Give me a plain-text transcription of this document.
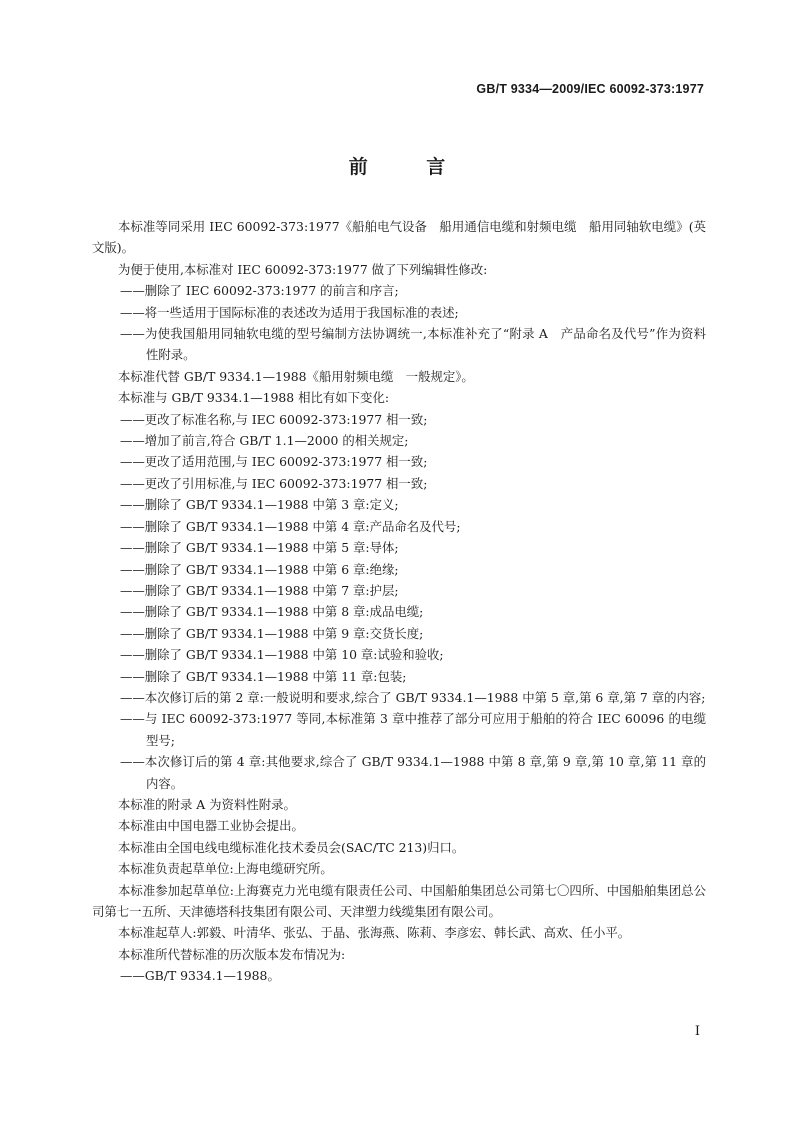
GB/T 9334—2009/IEC 60092-373:1977
前 言

本标准等同采用 IEC 60092-373:1977《船舶电气设备　船用通信电缆和射频电缆　船用同轴软电缆》(英文版)。

为便于使用,本标准对 IEC 60092-373:1977 做了下列编辑性修改:

——删除了 IEC 60092-373:1977 的前言和序言;

——将一些适用于国际标准的表述改为适用于我国标准的表述;

——为使我国船用同轴软电缆的型号编制方法协调统一,本标准补充了“附录 A　产品命名及代号”作为资料性附录。

本标准代替 GB/T 9334.1—1988《船用射频电缆　一般规定》。

本标准与 GB/T 9334.1—1988 相比有如下变化:

——更改了标准名称,与 IEC 60092-373:1977 相一致;

——增加了前言,符合 GB/T 1.1—2000 的相关规定;

——更改了适用范围,与 IEC 60092-373:1977 相一致;

——更改了引用标准,与 IEC 60092-373:1977 相一致;

——删除了 GB/T 9334.1—1988 中第 3 章:定义;

——删除了 GB/T 9334.1—1988 中第 4 章:产品命名及代号;

——删除了 GB/T 9334.1—1988 中第 5 章:导体;

——删除了 GB/T 9334.1—1988 中第 6 章:绝缘;

——删除了 GB/T 9334.1—1988 中第 7 章:护层;

——删除了 GB/T 9334.1—1988 中第 8 章:成品电缆;

——删除了 GB/T 9334.1—1988 中第 9 章:交货长度;

——删除了 GB/T 9334.1—1988 中第 10 章:试验和验收;

——删除了 GB/T 9334.1—1988 中第 11 章:包装;

——本次修订后的第 2 章:一般说明和要求,综合了 GB/T 9334.1—1988 中第 5 章,第 6 章,第 7 章的内容;

——与 IEC 60092-373:1977 等同,本标准第 3 章中推荐了部分可应用于船舶的符合 IEC 60096 的电缆型号;

——本次修订后的第 4 章:其他要求,综合了 GB/T 9334.1—1988 中第 8 章,第 9 章,第 10 章,第 11 章的内容。

本标准的附录 A 为资料性附录。

本标准由中国电器工业协会提出。

本标准由全国电线电缆标准化技术委员会(SAC/TC 213)归口。

本标准负责起草单位:上海电缆研究所。

本标准参加起草单位:上海赛克力光电缆有限责任公司、中国船舶集团总公司第七〇四所、中国船舶集团总公司第七一五所、天津德塔科技集团有限公司、天津塑力线缆集团有限公司。

本标准起草人:郭毅、叶清华、张弘、于晶、张海燕、陈莉、李彦宏、韩长武、高欢、任小平。

本标准所代替标准的历次版本发布情况为:

——GB/T 9334.1—1988。

I
